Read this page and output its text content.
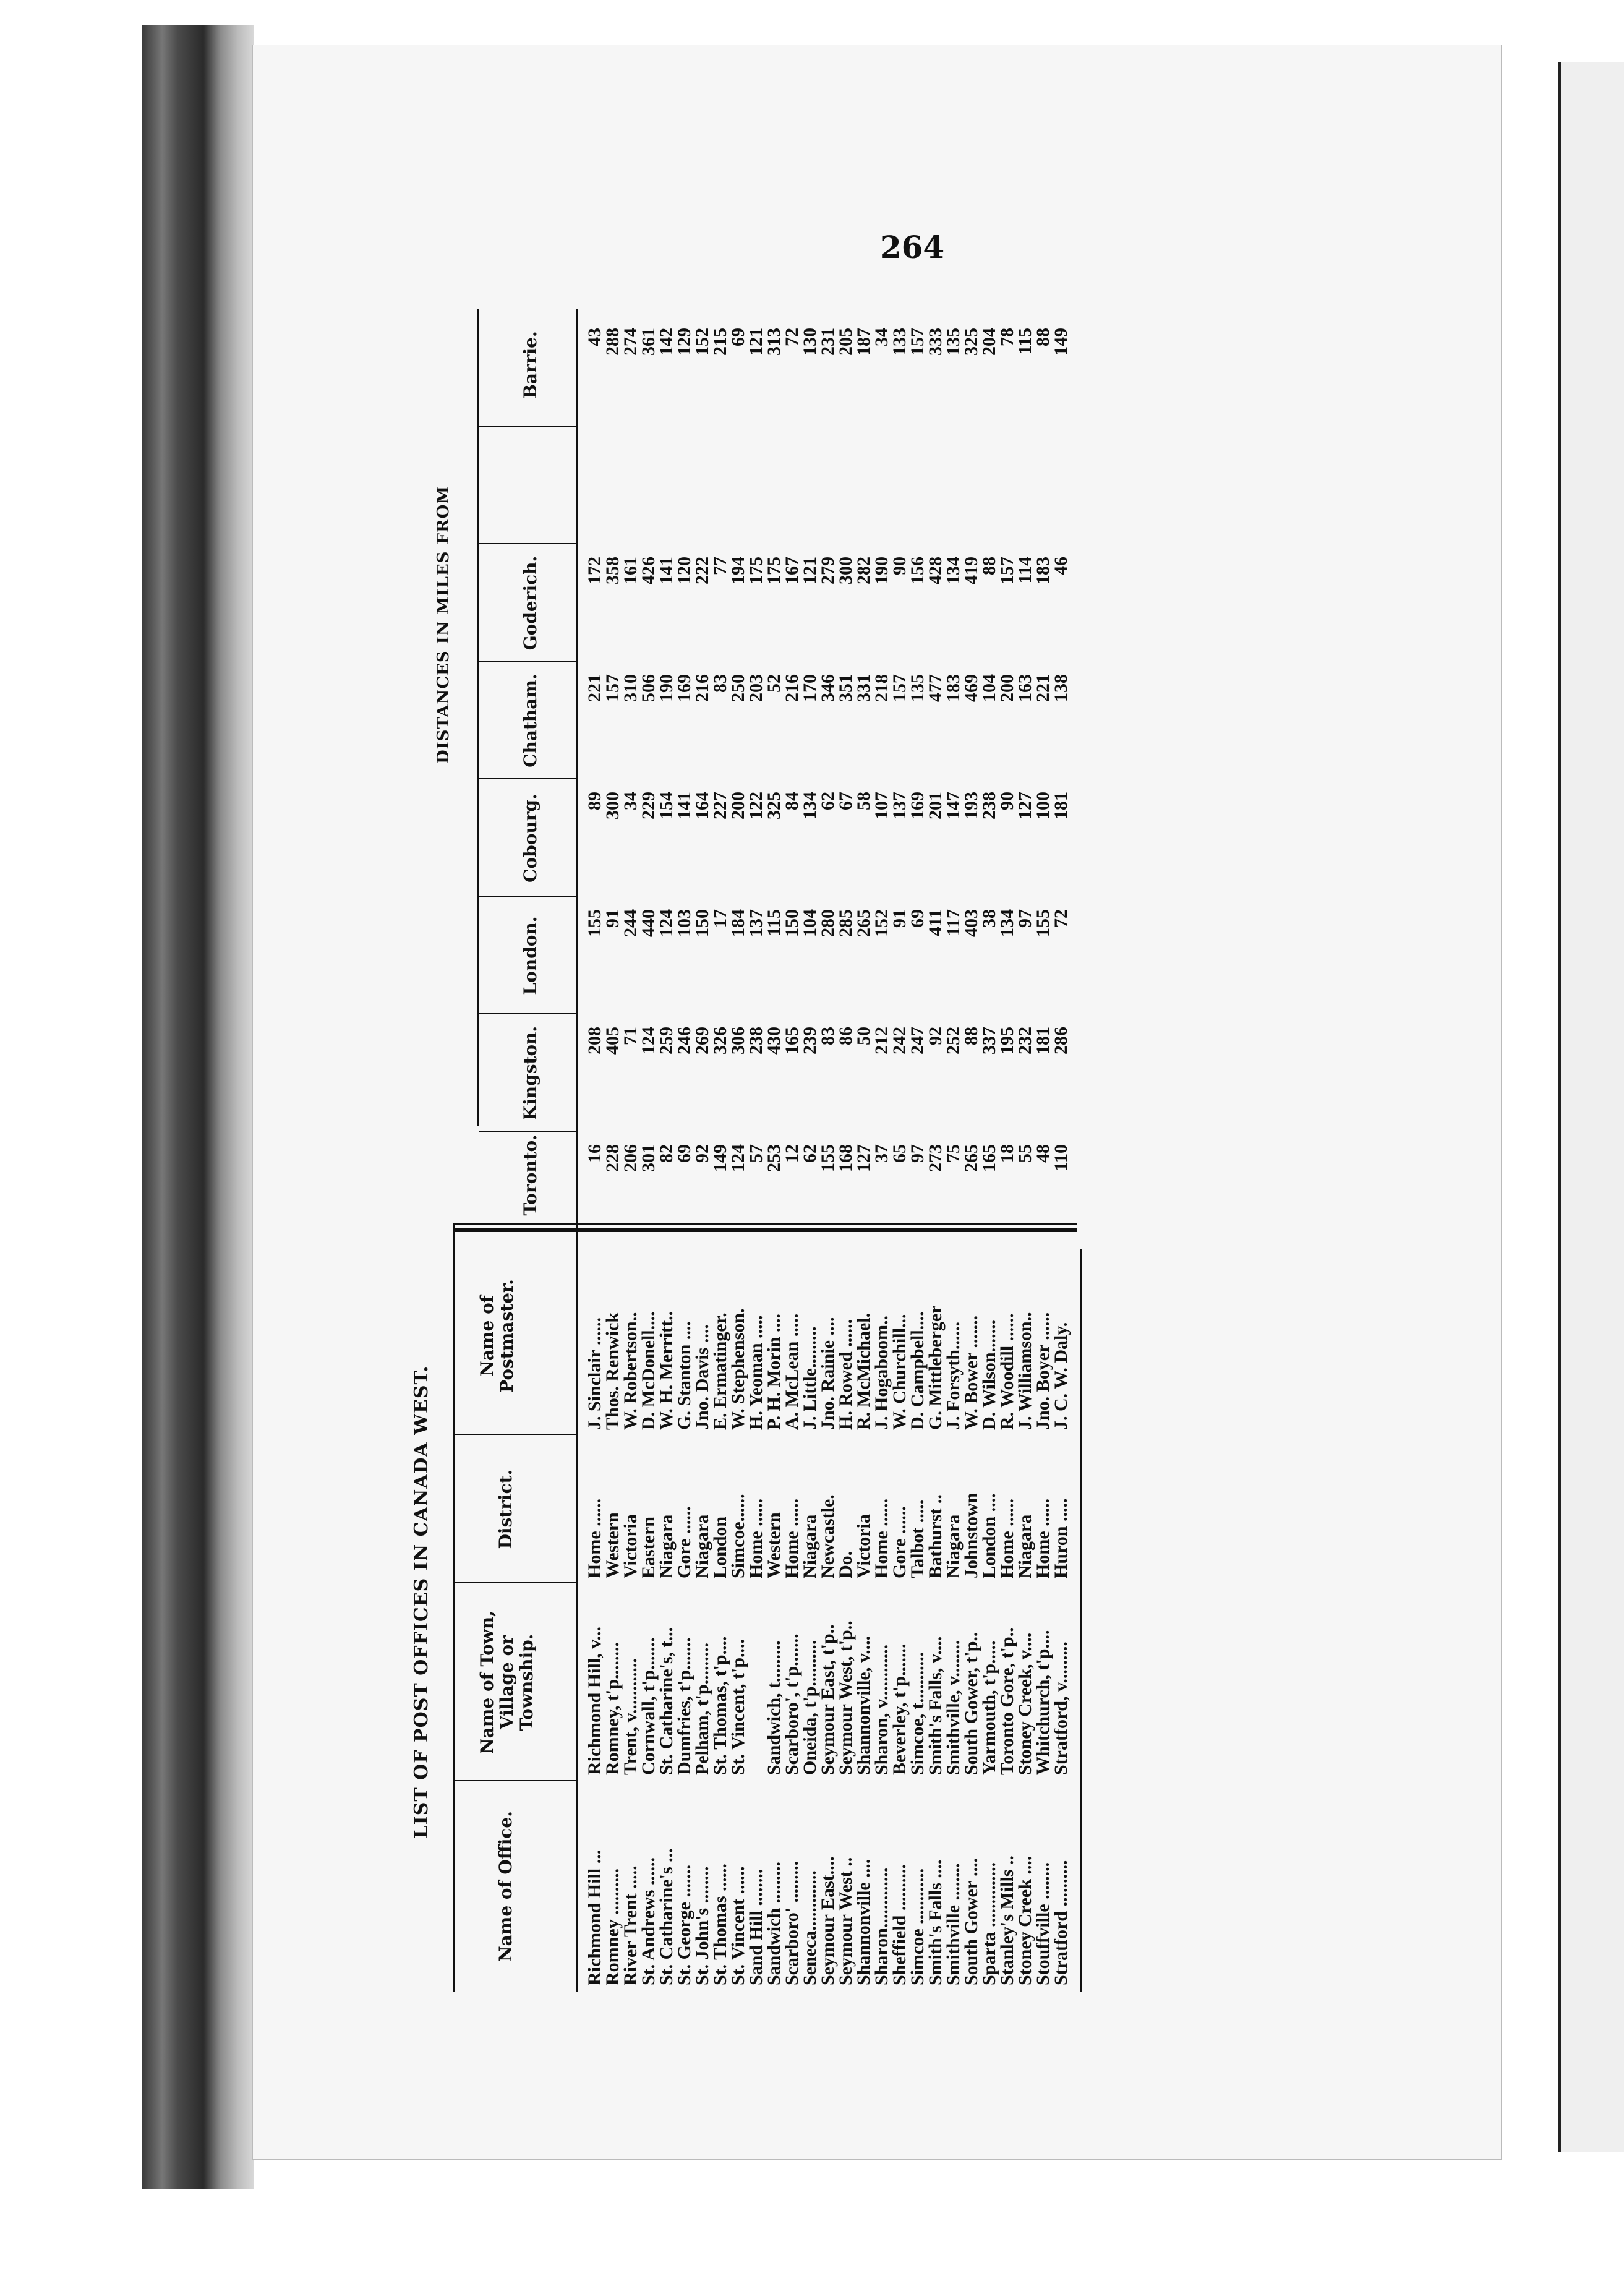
264
LIST OF POST OFFICES IN CANADA WEST.
DISTANCES IN MILES FROM
Name of Office.
Name of Town, Village or Township.
District.
Name of Postmaster.
Toronto.
Kingston.
London.
Cobourg.
Chatham.
Goderich.
Barrie.
Richmond Hill ...
Richmond Hill, v...
Home ......
J. Sinclair ......
16
208
155
89
221
172
43
Romney ..........
Romney, t'p........
Western
Thos. Renwick
228
405
91
300
157
358
288
River Trent .....
Trent, v............
Victoria
W. Robertson..
206
71
244
34
310
161
274
St. Andrews ......
Cornwall, t'p.......
Eastern
D. McDonell....
301
124
440
229
506
426
361
St. Catharine's ...
St. Catharine's, t...
Niagara
W. H. Merritt..
82
259
124
154
190
141
142
St. George .......
Dumfries, t'p.......
Gore ......
G. Stanton ....
69
246
103
141
169
120
129
St. John's ........
Pelham, t'p.........
Niagara
Jno. Davis ....
92
269
150
164
216
222
152
St. Thomas ......
St. Thomas, t'p....
London
E. Ermatinger.
149
326
17
227
83
77
215
St. Vincent ......
St. Vincent, t'p....
Simcoe......
W. Stephenson.
124
306
184
200
250
194
69
Sand Hill ........
Home ......
H. Yeoman .....
57
238
137
122
203
175
121
Sandwich .........
Sandwich, t.........
Western
P. H. Morin ....
253
430
115
325
52
175
313
Scarboro' .........
Scarboro', t'p.......
Home ......
A. McLean .....
12
165
150
84
216
167
72
Seneca.............
Oneida, t'p..........
Niagara
J. Little.........
62
239
104
134
170
121
130
Seymour East....
Seymour East, t'p..
Newcastle.
Jno. Rainie ....
155
83
280
62
346
279
231
Seymour West ..
Seymour West, t'p..
Do.
H. Rowed ......
168
86
285
67
351
300
205
Shannonville ....
Shannonville, v....
Victoria
R. McMichael.
127
50
265
58
331
282
187
Sharon.............
Sharon, v............
Home ......
J. Hogaboom..
37
212
152
107
218
190
34
Sheffield ..........
Beverley, t'p.......
Gore ......
W. Churchill...
65
242
91
137
157
90
133
Simcoe ............
Simcoe, t...........
Talbot .....
D. Campbell....
97
247
69
169
135
156
157
Smith's Falls ....
Smith's Falls, v....
Bathurst ..
G. Mittleberger
273
92
411
201
477
428
333
Smithville ........
Smithville, v........
Niagara
J. Forsyth......
75
252
117
147
183
134
135
South Gower ....
South Gower, t'p..
Johnstown
W. Bower .......
265
88
403
193
469
419
325
Sparta ..............
Yarmouth, t'p.....
London ....
D. Wilson.......
165
337
38
238
104
88
204
Stanley's Mills ..
Toronto Gore, t'p..
Home ......
R. Woodill ......
18
195
134
90
200
157
78
Stoney Creek ....
Stoney Creek, v....
Niagara
J. Williamson..
55
232
97
127
163
114
115
Stouffville ........
Whitchurch, t'p....
Home ......
Jno. Boyer ......
48
181
155
100
221
183
88
Stratford ..........
Stratford, v.........
Huron .....
J. C. W. Daly.
110
286
72
181
138
46
149
